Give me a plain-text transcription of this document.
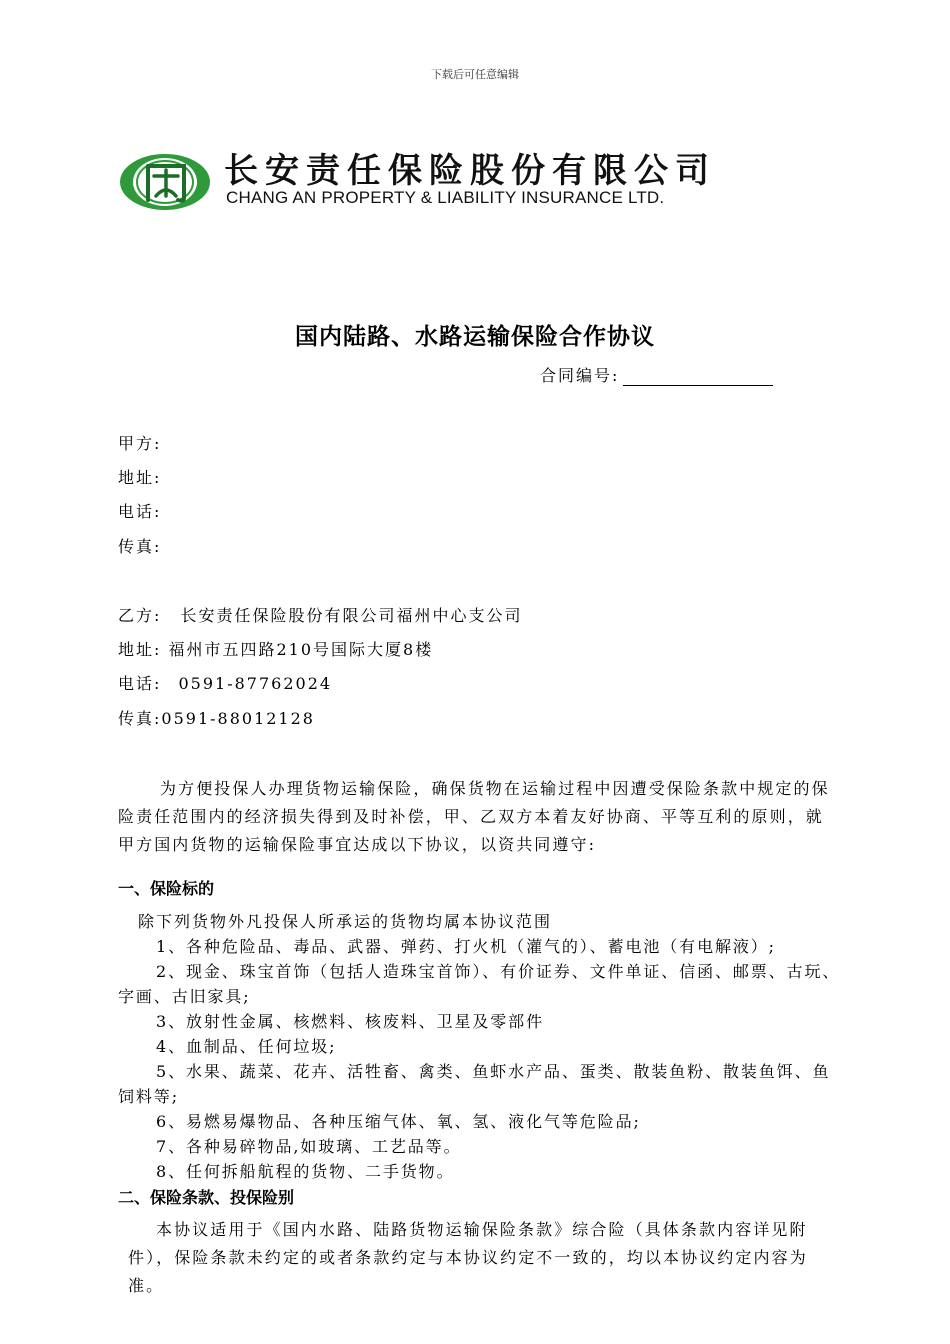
下载后可任意编辑
长安责任保险股份有限公司
CHANG AN PROPERTY & LIABILITY INSURANCE LTD.
国内陆路、水路运输保险合作协议
合同编号:
甲方:
地址:
电话:
传真:
乙方: 长安责任保险股份有限公司福州中心支公司
地址: 福州市五四路210号国际大厦8楼
电话: 0591-87762024
传真:0591-88012128
为方便投保人办理货物运输保险，确保货物在运输过程中因遭受保险条款中规定的保险责任范围内的经济损失得到及时补偿，甲、乙双方本着友好协商、平等互利的原则，就甲方国内货物的运输保险事宜达成以下协议，以资共同遵守:
一、保险标的
除下列货物外凡投保人所承运的货物均属本协议范围
1、各种危险品、毒品、武器、弹药、打火机（灌气的）、蓄电池（有电解液）;
2、现金、珠宝首饰（包括人造珠宝首饰）、有价证券、文件单证、信函、邮票、古玩、字画、古旧家具;
3、放射性金属、核燃料、核废料、卫星及零部件
4、血制品、任何垃圾;
5、水果、蔬菜、花卉、活牲畜、禽类、鱼虾水产品、蛋类、散装鱼粉、散装鱼饵、鱼饲料等;
6、易燃易爆物品、各种压缩气体、氧、氢、液化气等危险品;
7、各种易碎物品,如玻璃、工艺品等。
8、任何拆船航程的货物、二手货物。
二、保险条款、投保险别
本协议适用于《国内水路、陆路货物运输保险条款》综合险（具体条款内容详见附件），保险条款未约定的或者条款约定与本协议约定不一致的，均以本协议约定内容为准。
